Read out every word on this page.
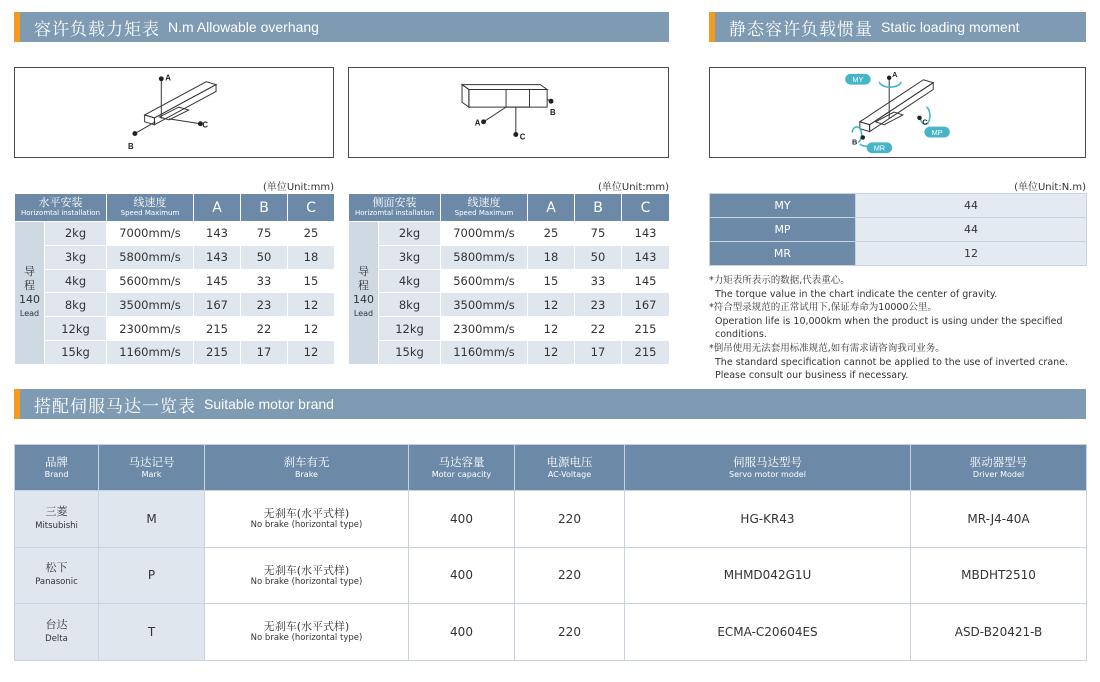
容许负载力矩表 N.m Allowable overhang	静态容许负载惯量 Static loading moment
A
B
C
B
A
C
A
B
C
MY
MP
MR
(单位Unit:mm)	(单位Unit:mm)	(单位Unit:N.m)
水平安装
Horizomtal installation		线速度
Speed Maximum	A	B	C

导程
140
Lead	2kg	7000mm/s	143	75	25
	3kg	5800mm/s	143	50	18
	4kg	5600mm/s	145	33	15
	8kg	3500mm/s	167	23	12
	12kg	2300mm/s	215	22	12
	15kg	1160mm/s	215	17	12
侧面安装
Horizomtal installation		线速度
Speed Maximum	A	B	C

导程
140
Lead	2kg	7000mm/s	25	75	143
	3kg	5800mm/s	18	50	143
	4kg	5600mm/s	15	33	145
	8kg	3500mm/s	12	23	167
	12kg	2300mm/s	12	22	215
	15kg	1160mm/s	12	17	215
MY	44
MP	44
MR	12
*力矩表所表示的数据,代表重心。
The torque value in the chart indicate the center of gravity.
*符合型录规范的正常试用下,保证寿命为10000公里。
Operation life is 10,000km when the product is using under the specified conditions.
*倒吊使用无法套用标准规范,如有需求请咨询我司业务。
The standard specification cannot be applied to the use of inverted crane.
Please consult our business if necessary.
搭配伺服马达一览表 Suitable motor brand
品牌
Brand	马达记号
Mark	刹车有无
Brake	马达容量
Motor capacity	电源电压
AC-Voltage	伺服马达型号
Servo motor model	驱动器型号
Driver Model

三菱
Mitsubishi	M	无刹车(水平式样)
No brake (horizontal type)	400	220	HG-KR43	MR-J4-40A
松下
Panasonic	P	无刹车(水平式样)
No brake (horizontal type)	400	220	MHMD042G1U	MBDHT2510
台达
Delta	T	无刹车(水平式样)
No brake (horizontal type)	400	220	ECMA-C20604ES	ASD-B20421-B
